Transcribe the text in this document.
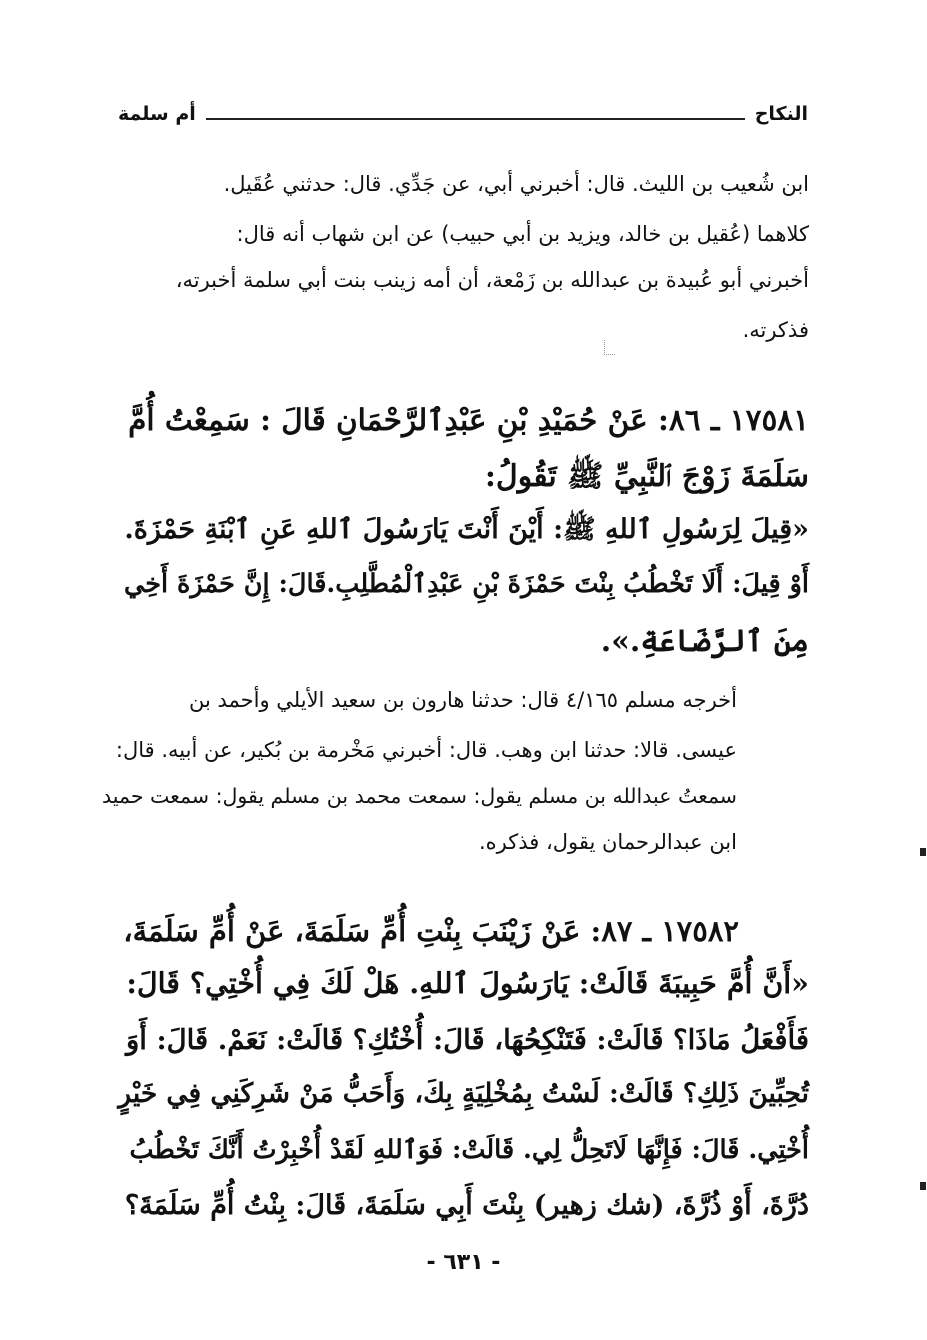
النكاح
أم سلمة
ابن شُعيب بن الليث. قال: أخبرني أبي، عن جَدِّي. قال: حدثني عُقَيل.
كلاهما (عُقيل بن خالد، ويزيد بن أبي حبيب) عن ابن شهاب أنه قال:
أخبرني أبو عُبيدة بن عبدالله بن زَمْعة، أن أمه زينب بنت أبي سلمة أخبرته،
فذكرته.
١٧٥٨١ ـ ٨٦: عَنْ حُمَيْدِ بْنِ عَبْدِٱلرَّحْمَانِ قَالَ : سَمِعْتُ أُمَّ
سَلَمَةَ زَوْجَ ٱلنَّبِيِّ ﷺ تَقُولُ:
«قِيلَ لِرَسُولِ ٱللهِ ﷺ: أَيْنَ أَنْتَ يَارَسُولَ ٱللهِ عَنِ ٱبْنَةِ حَمْزَةَ.
أَوْ قِيلَ: أَلَا تَخْطُبُ بِنْتَ حَمْزَةَ بْنِ عَبْدِٱلْمُطَّلِبِ.قَالَ: إِنَّ حَمْزَةَ أَخِي
مِنَ ٱلرَّضَاعَةِ.».
أخرجه مسلم ٤/١٦٥ قال: حدثنا هارون بن سعيد الأيلي وأحمد بن
عيسى. قالا: حدثنا ابن وهب. قال: أخبرني مَخْرمة بن بُكير، عن أبيه. قال:
سمعتُ عبدالله بن مسلم يقول: سمعت محمد بن مسلم يقول: سمعت حميد
ابن عبدالرحمان يقول، فذكره.
١٧٥٨٢ ـ ٨٧: عَنْ زَيْنَبَ بِنْتِ أُمِّ سَلَمَةَ، عَنْ أُمِّ سَلَمَةَ،
«أَنَّ أُمَّ حَبِيبَةَ قَالَتْ: يَارَسُولَ ٱللهِ. هَلْ لَكَ فِي أُخْتِي؟ قَالَ:
فَأَفْعَلُ مَاذَا؟ قَالَتْ: فَتَنْكِحُهَا، قَالَ: أُخْتُكِ؟ قَالَتْ: نَعَمْ. قَالَ: أَوَ
تُحِبِّينَ ذَلِكِ؟ قَالَتْ: لَسْتُ بِمُخْلِيَةٍ بِكَ، وَأَحَبُّ مَنْ شَرِكَنِي فِي خَيْرٍ
أُخْتِي. قَالَ: فَإِنَّهَا لَاتَحِلُّ لِي. قَالَتْ: فَوَٱللهِ لَقَدْ أُخْبِرْتُ أَنَّكَ تَخْطُبُ
دُرَّةَ، أَوْ ذُرَّةَ، (شك زهير) بِنْتَ أَبِي سَلَمَةَ، قَالَ: بِنْتُ أُمِّ سَلَمَةَ؟
- ٦٣١ -
